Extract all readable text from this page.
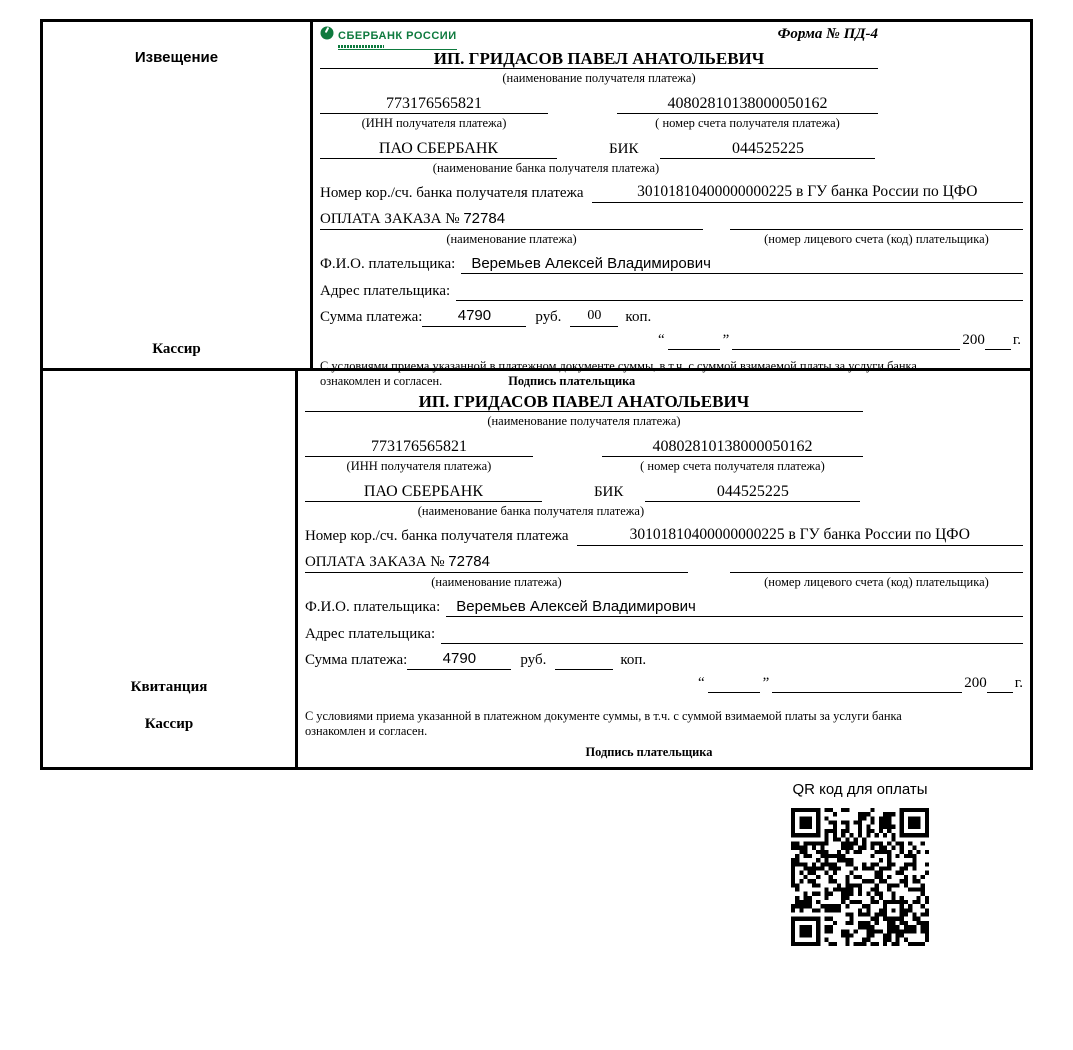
Извещение
Кассир
СБЕРБАНК РОССИИ	Форма № ПД-4
ИП. ГРИДАСОВ ПАВЕЛ АНАТОЛЬЕВИЧ
(наименование получателя платежа)
773176565821	40802810138000050162
(ИНН получателя платежа)	( номер счета получателя платежа)
ПАО СБЕРБАНК	БИК	044525225
(наименование банка получателя платежа)
Номер кор./сч. банка получателя платежа	30101810400000000225 в ГУ банка России по ЦФО
ОПЛАТА ЗАКАЗА № 72784
(наименование платежа)	(номер лицевого счета (код) плательщика)
Ф.И.О. плательщика:	Веремьев Алексей Владимирович
Адрес плательщика:
Сумма платежа:	4790	руб.	00	коп.
“	”	200 г.
С условиями приема указанной в платежном документе суммы, в т.ч. с суммой взимаемой платы за услуги банка
ознакомлен и согласен.	Подпись плательщика
Квитанция
Кассир
ИП. ГРИДАСОВ ПАВЕЛ АНАТОЛЬЕВИЧ
(наименование получателя платежа)
773176565821	40802810138000050162
(ИНН получателя платежа)	( номер счета получателя платежа)
ПАО СБЕРБАНК	БИК	044525225
(наименование банка получателя платежа)
Номер кор./сч. банка получателя платежа	30101810400000000225 в ГУ банка России по ЦФО
ОПЛАТА ЗАКАЗА № 72784
(наименование платежа)	(номер лицевого счета (код) плательщика)
Ф.И.О. плательщика:	Веремьев Алексей Владимирович
Адрес плательщика:
Сумма платежа:	4790	руб.	коп.
“	”	200 г.
С условиями приема указанной в платежном документе суммы, в т.ч. с суммой взимаемой платы за услуги банка
ознакомлен и согласен.
Подпись плательщика
QR код для оплаты
